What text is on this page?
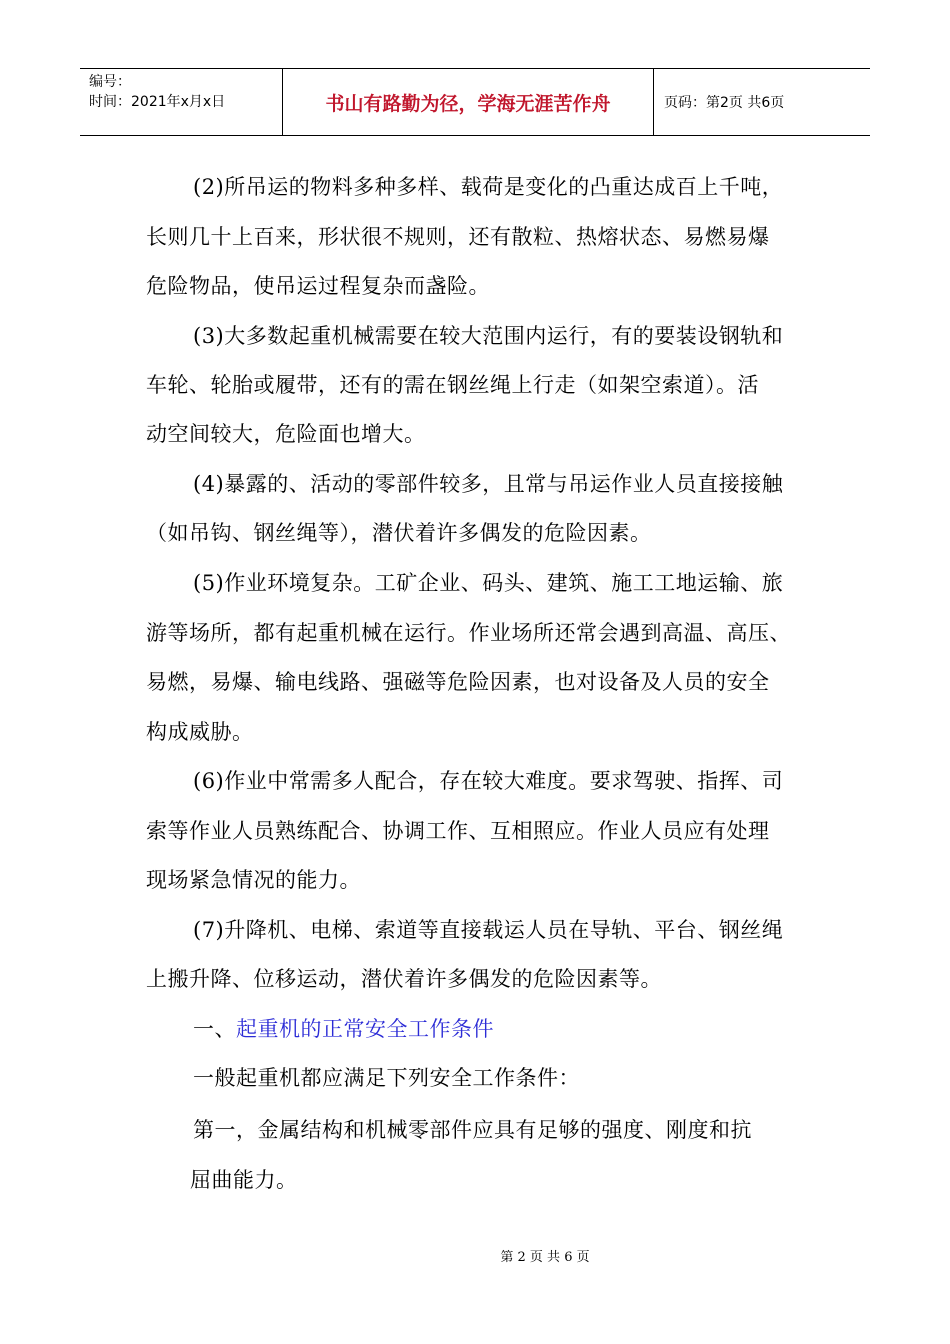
编号：
时间：2021年x月x日	书山有路勤为径，学海无涯苦作舟	页码：第2页 共6页
(2)所吊运的物料多种多样、载荷是变化的凸重达成百上千吨，
长则几十上百来，形状很不规则，还有散粒、热熔状态、易燃易爆
危险物品，使吊运过程复杂而盏险。
(3)大多数起重机械需要在较大范围内运行，有的要装设钢轨和
车轮、轮胎或履带，还有的需在钢丝绳上行走（如架空索道）。活
动空间较大，危险面也增大。
(4)暴露的、活动的零部件较多，且常与吊运作业人员直接接触
（如吊钩、钢丝绳等），潜伏着许多偶发的危险因素。
(5)作业环境复杂。工矿企业、码头、建筑、施工工地运输、旅
游等场所，都有起重机械在运行。作业场所还常会遇到高温、高压、
易燃，易爆、输电线路、强磁等危险因素，也对设备及人员的安全
构成威胁。
(6)作业中常需多人配合，存在较大难度。要求驾驶、指挥、司
索等作业人员熟练配合、协调工作、互相照应。作业人员应有处理
现场紧急情况的能力。
(7)升降机、电梯、索道等直接载运人员在导轨、平台、钢丝绳
上搬升降、位移运动，潜伏着许多偶发的危险因素等。
一、起重机的正常安全工作条件
一般起重机都应满足下列安全工作条件：
第一，金属结构和机械零部件应具有足够的强度、刚度和抗
屈曲能力。
第 2 页 共 6 页
